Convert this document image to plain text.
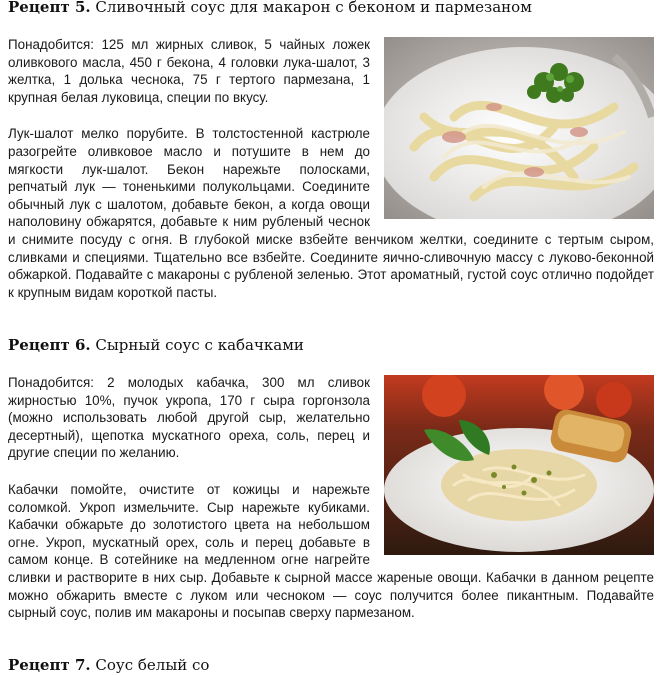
Рецепт 5. Сливочный соус для макарон с беконом и пармезаном

Понадобится: 125 мл жирных сливок, 5 чайных ложек оливкового масла, 450 г бекона, 4 головки лука-шалот, 3 желтка, 1 долька чеснока, 75 г тертого пармезана, 1 крупная белая луковица, специи по вкусу.

Лук-шалот мелко порубите. В толстостенной кастрюле разогрейте оливковое масло и потушите в нем до мягкости лук-шалот. Бекон нарежьте полосками, репчатый лук — тоненькими полукольцами. Соедините обычный лук с шалотом, добавьте бекон, а когда овощи наполовину обжарятся, добавьте к ним рубленый чеснок и снимите посуду с огня. В глубокой миске взбейте венчиком желтки, соедините с тертым сыром, сливками и специями. Тщательно все взбейте. Соедините яично-сливочную массу с луково-беконной обжаркой. Подавайте с макароны с рубленой зеленью. Этот ароматный, густой соус отлично подойдет к крупным видам короткой пасты.

Рецепт 6. Сырный соус с кабачками

Понадобится: 2 молодых кабачка, 300 мл сливок жирностью 10%, пучок укропа, 170 г сыра горгонзола (можно использовать любой другой сыр, желательно десертный), щепотка мускатного ореха, соль, перец и другие специи по желанию.

Кабачки помойте, очистите от кожицы и нарежьте соломкой. Укроп измельчите. Сыр нарежьте кубиками. Кабачки обжарьте до золотистого цвета на небольшом огне. Укроп, мускатный орех, соль и перец добавьте в самом конце. В сотейнике на медленном огне нагрейте сливки и растворите в них сыр. Добавьте к сырной массе жареные овощи. Кабачки в данном рецепте можно обжарить вместе с луком или чесноком — соус получится более пикантным. Подавайте сырный соус, полив им макароны и посыпав сверху пармезаном.

Рецепт 7. Соус белый со
